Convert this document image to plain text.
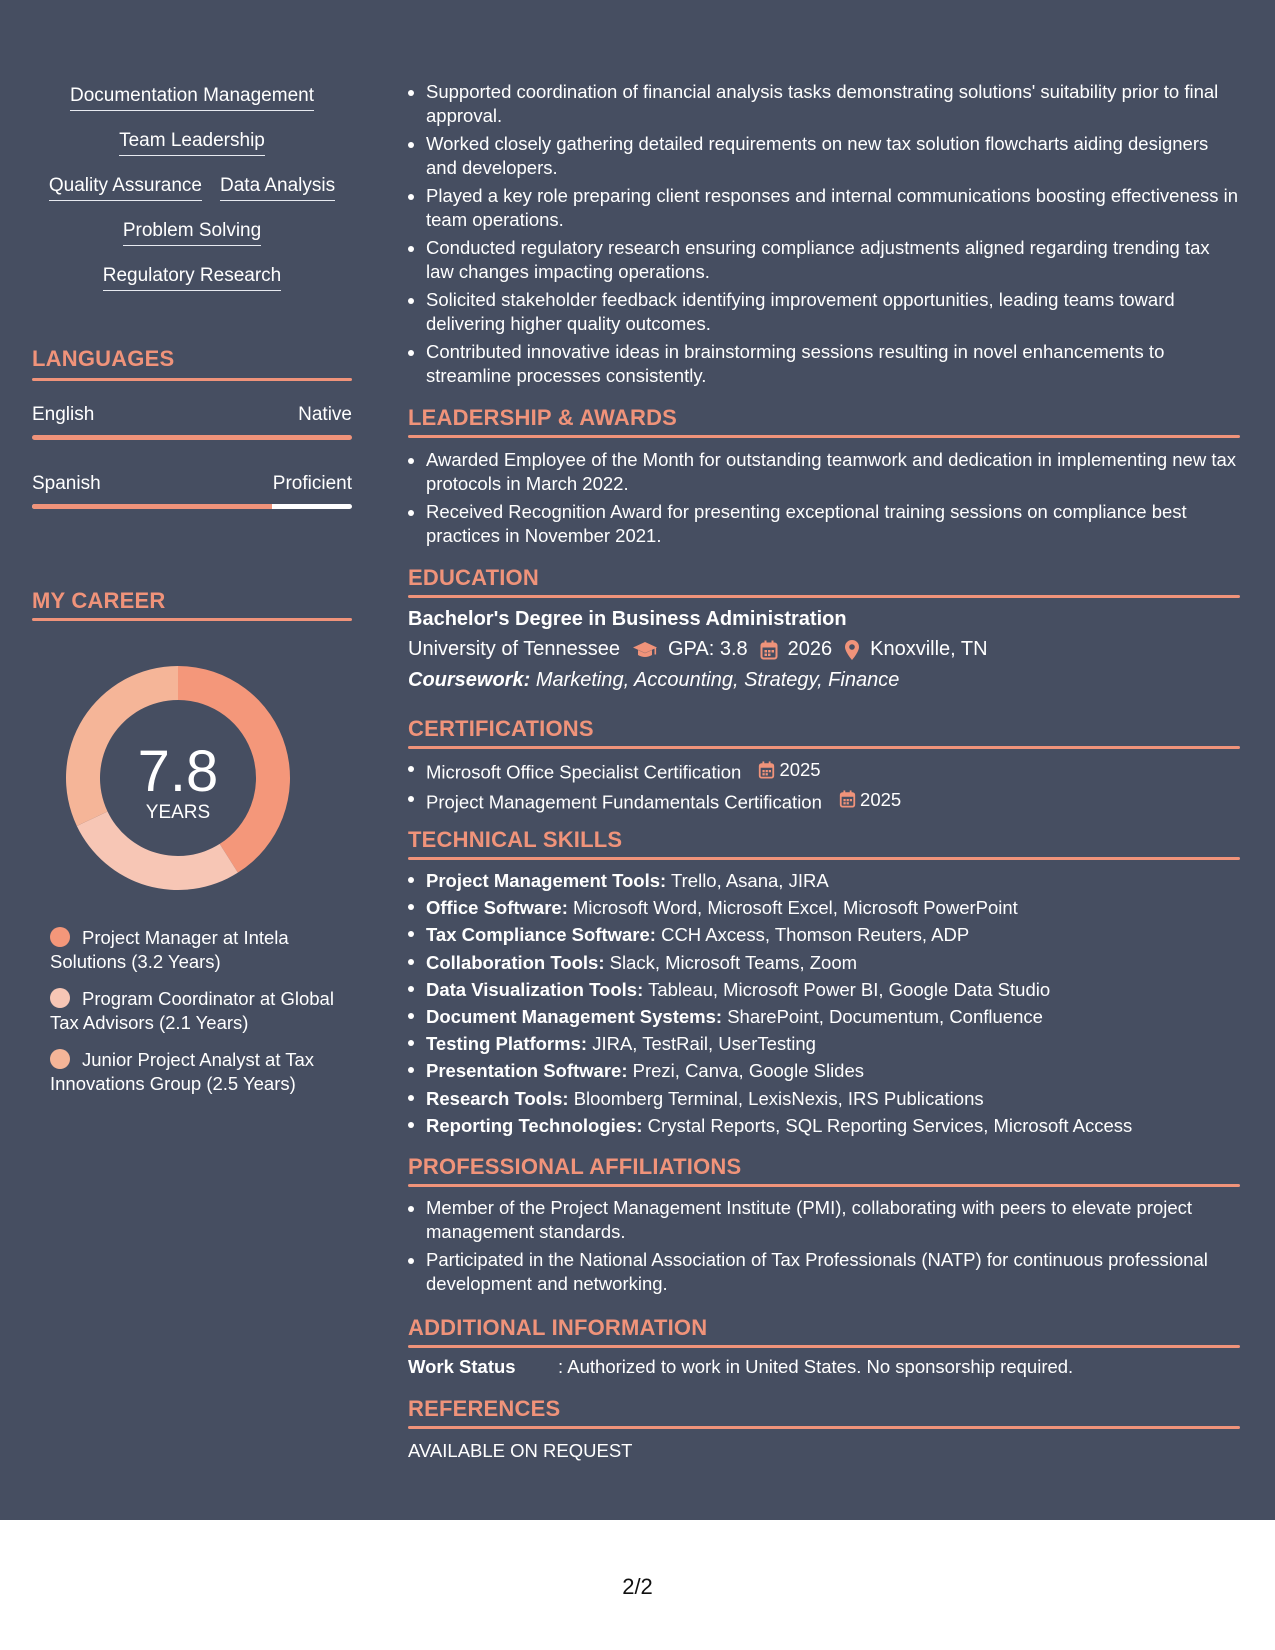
Documentation Management
Team Leadership
Quality Assurance Data Analysis
Problem Solving
Regulatory Research
LANGUAGES
English	Native
Spanish	Proficient
MY CAREER
7.8
YEARS
Project Manager at Intela Solutions (3.2 Years)
Program Coordinator at Global Tax Advisors (2.1 Years)
Junior Project Analyst at Tax Innovations Group (2.5 Years)
Supported coordination of financial analysis tasks demonstrating solutions' suitability prior to final approval.
Worked closely gathering detailed requirements on new tax solution flowcharts aiding designers and developers.
Played a key role preparing client responses and internal communications boosting effectiveness in team operations.
Conducted regulatory research ensuring compliance adjustments aligned regarding trending tax law changes impacting operations.
Solicited stakeholder feedback identifying improvement opportunities, leading teams toward delivering higher quality outcomes.
Contributed innovative ideas in brainstorming sessions resulting in novel enhancements to streamline processes consistently.
LEADERSHIP & AWARDS
Awarded Employee of the Month for outstanding teamwork and dedication in implementing new tax protocols in March 2022.
Received Recognition Award for presenting exceptional training sessions on compliance best practices in November 2021.
EDUCATION
Bachelor's Degree in Business Administration
University of Tennessee GPA: 3.8 2026 Knoxville, TN
Coursework: Marketing, Accounting, Strategy, Finance
CERTIFICATIONS
Microsoft Office Specialist Certification 2025
Project Management Fundamentals Certification 2025
TECHNICAL SKILLS
Project Management Tools: Trello, Asana, JIRA
Office Software: Microsoft Word, Microsoft Excel, Microsoft PowerPoint
Tax Compliance Software: CCH Axcess, Thomson Reuters, ADP
Collaboration Tools: Slack, Microsoft Teams, Zoom
Data Visualization Tools: Tableau, Microsoft Power BI, Google Data Studio
Document Management Systems: SharePoint, Documentum, Confluence
Testing Platforms: JIRA, TestRail, UserTesting
Presentation Software: Prezi, Canva, Google Slides
Research Tools: Bloomberg Terminal, LexisNexis, IRS Publications
Reporting Technologies: Crystal Reports, SQL Reporting Services, Microsoft Access
PROFESSIONAL AFFILIATIONS
Member of the Project Management Institute (PMI), collaborating with peers to elevate project management standards.
Participated in the National Association of Tax Professionals (NATP) for continuous professional development and networking.
ADDITIONAL INFORMATION
Work Status	: Authorized to work in United States. No sponsorship required.
REFERENCES
AVAILABLE ON REQUEST
2/2
